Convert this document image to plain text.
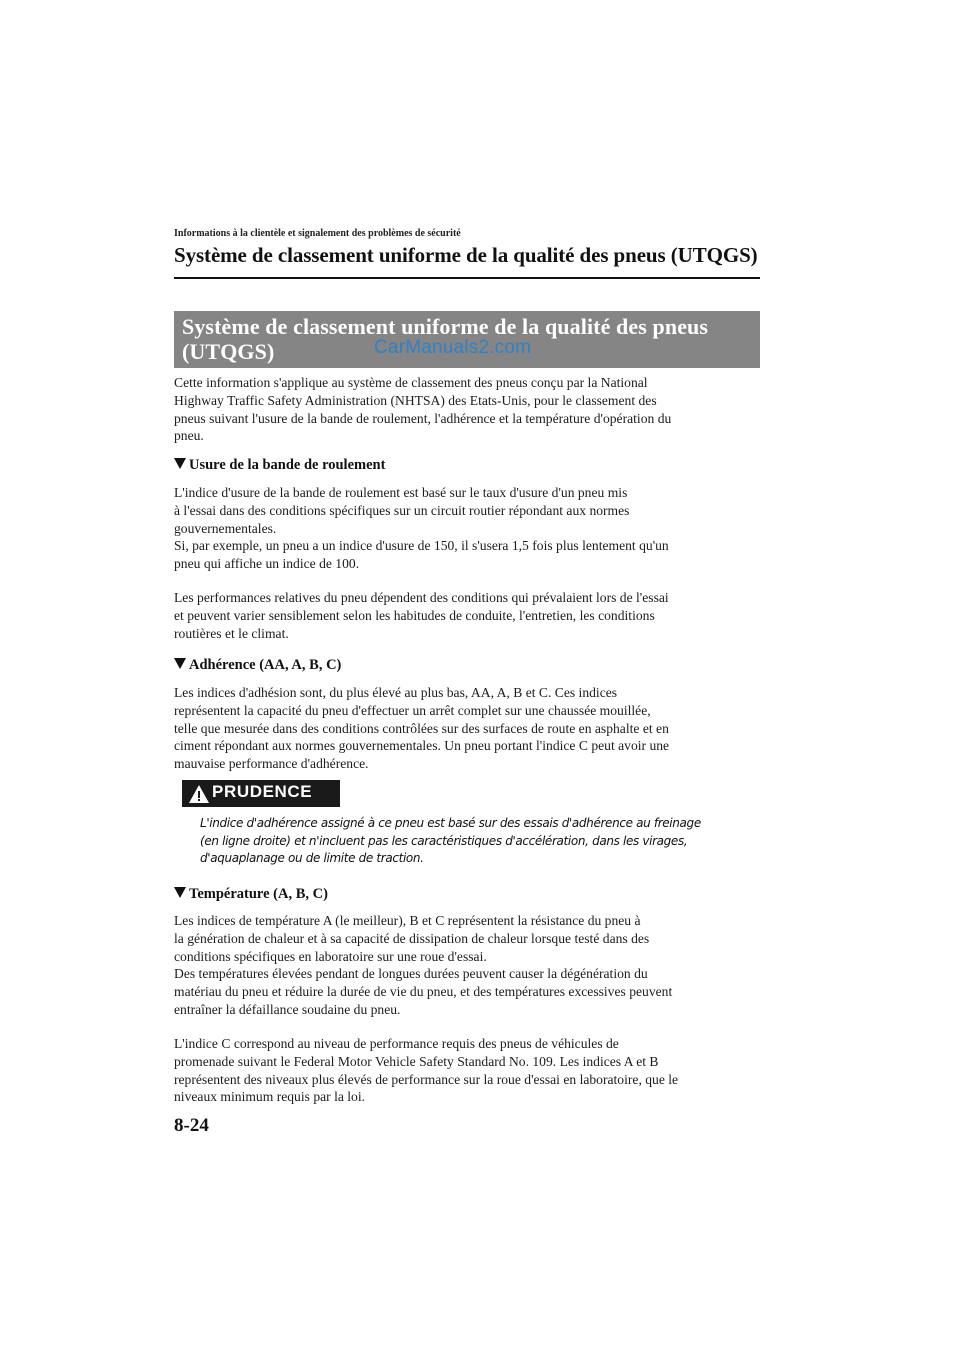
Informations à la clientèle et signalement des problèmes de sécurité
Système de classement uniforme de la qualité des pneus (UTQGS)
Système de classement uniforme de la qualité des pneus
(UTQGS)	CarManuals2.com

Cette information s'applique au système de classement des pneus conçu par la National

Highway Traffic Safety Administration (NHTSA) des Etats-Unis, pour le classement des

pneus suivant l'usure de la bande de roulement, l'adhérence et la température d'opération du

pneu.

Usure de la bande de roulement

L'indice d'usure de la bande de roulement est basé sur le taux d'usure d'un pneu mis

à l'essai dans des conditions spécifiques sur un circuit routier répondant aux normes

gouvernementales.

Si, par exemple, un pneu a un indice d'usure de 150, il s'usera 1,5 fois plus lentement qu'un

pneu qui affiche un indice de 100.

Les performances relatives du pneu dépendent des conditions qui prévalaient lors de l'essai

et peuvent varier sensiblement selon les habitudes de conduite, l'entretien, les conditions

routières et le climat.

Adhérence (AA, A, B, C)

Les indices d'adhésion sont, du plus élevé au plus bas, AA, A, B et C. Ces indices

représentent la capacité du pneu d'effectuer un arrêt complet sur une chaussée mouillée,

telle que mesurée dans des conditions contrôlées sur des surfaces de route en asphalte et en

ciment répondant aux normes gouvernementales. Un pneu portant l'indice C peut avoir une

mauvaise performance d'adhérence.

PRUDENCE
L'indice d'adhérence assigné à ce pneu est basé sur des essais d'adhérence au freinage
(en ligne droite) et n'incluent pas les caractéristiques d'accélération, dans les virages,
d'aquaplanage ou de limite de traction.
Température (A, B, C)

Les indices de température A (le meilleur), B et C représentent la résistance du pneu à

la génération de chaleur et à sa capacité de dissipation de chaleur lorsque testé dans des

conditions spécifiques en laboratoire sur une roue d'essai.

Des températures élevées pendant de longues durées peuvent causer la dégénération du

matériau du pneu et réduire la durée de vie du pneu, et des températures excessives peuvent

entraîner la défaillance soudaine du pneu.

L'indice C correspond au niveau de performance requis des pneus de véhicules de

promenade suivant le Federal Motor Vehicle Safety Standard No. 109. Les indices A et B

représentent des niveaux plus élevés de performance sur la roue d'essai en laboratoire, que le

niveaux minimum requis par la loi.

8-24
